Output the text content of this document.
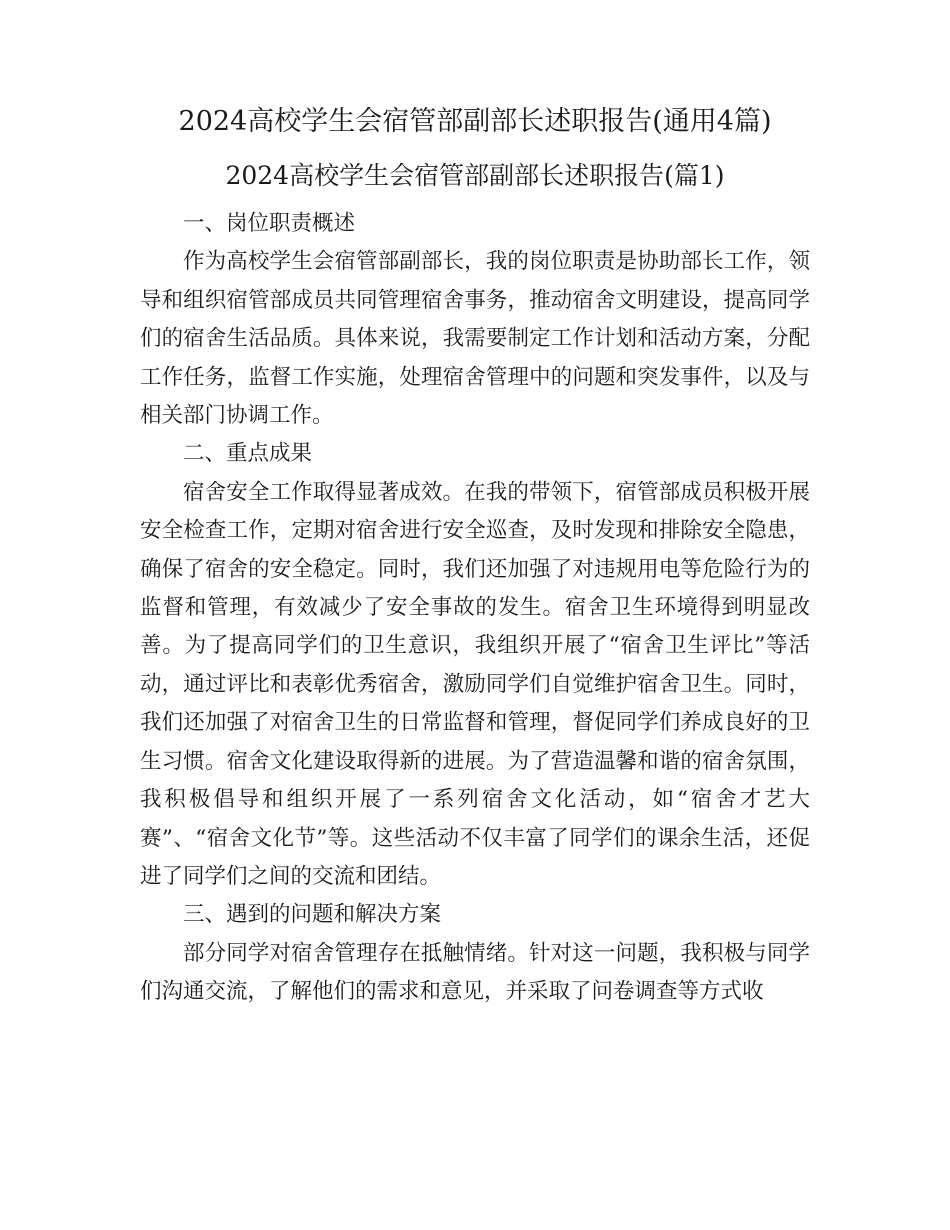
2024高校学生会宿管部副部长述职报告(通用4篇)
2024高校学生会宿管部副部长述职报告(篇1)

一、岗位职责概述

作为高校学生会宿管部副部长，我的岗位职责是协助部长工作，领导和组织宿管部成员共同管理宿舍事务，推动宿舍文明建设，提高同学们的宿舍生活品质。具体来说，我需要制定工作计划和活动方案，分配工作任务，监督工作实施，处理宿舍管理中的问题和突发事件，以及与相关部门协调工作。

二、重点成果

宿舍安全工作取得显著成效。在我的带领下，宿管部成员积极开展安全检查工作，定期对宿舍进行安全巡查，及时发现和排除安全隐患，确保了宿舍的安全稳定。同时，我们还加强了对违规用电等危险行为的监督和管理，有效减少了安全事故的发生。宿舍卫生环境得到明显改善。为了提高同学们的卫生意识，我组织开展了“宿舍卫生评比”等活动，通过评比和表彰优秀宿舍，激励同学们自觉维护宿舍卫生。同时，我们还加强了对宿舍卫生的日常监督和管理，督促同学们养成良好的卫生习惯。宿舍文化建设取得新的进展。为了营造温馨和谐的宿舍氛围，我积极倡导和组织开展了一系列宿舍文化活动，如“宿舍才艺大赛”、“宿舍文化节”等。这些活动不仅丰富了同学们的课余生活，还促进了同学们之间的交流和团结。

三、遇到的问题和解决方案

部分同学对宿舍管理存在抵触情绪。针对这一问题，我积极与同学们沟通交流，了解他们的需求和意见，并采取了问卷调查等方式收
